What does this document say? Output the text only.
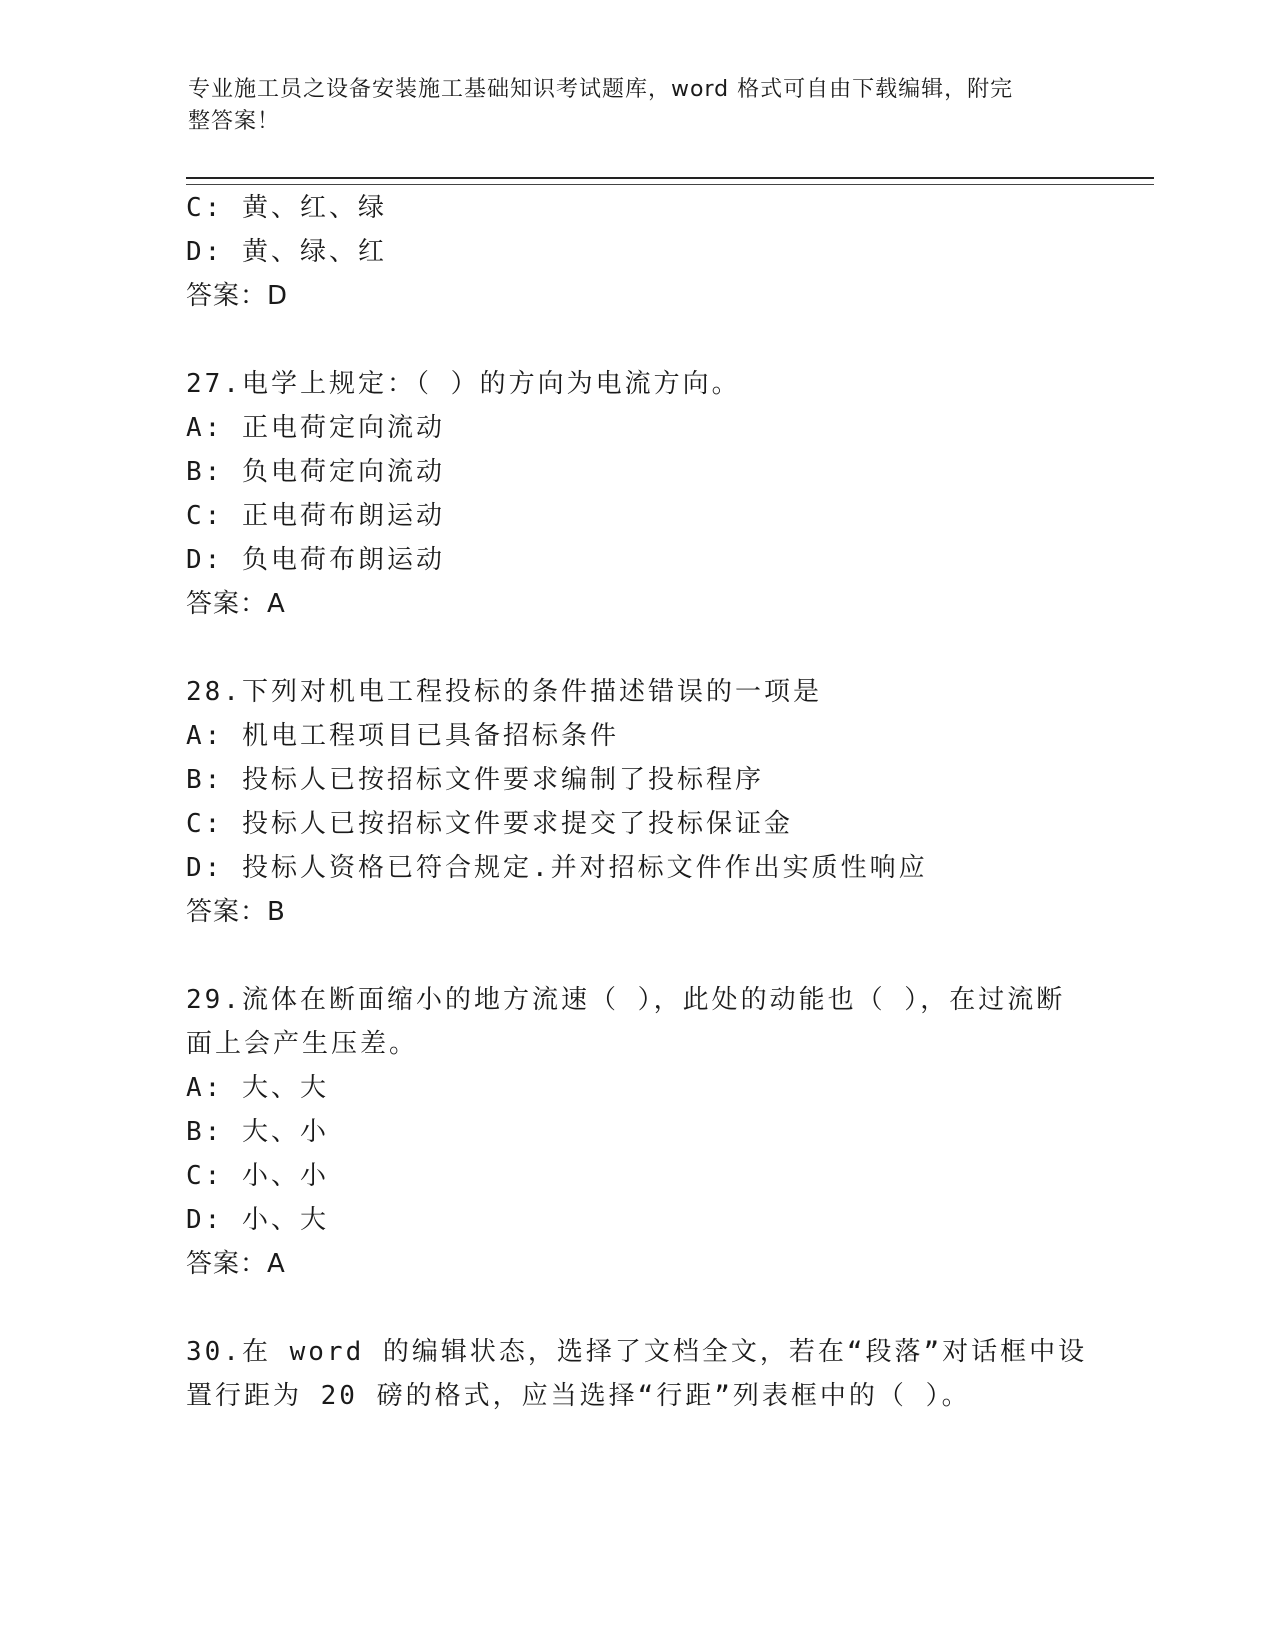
专业施工员之设备安装施工基础知识考试题库，word 格式可自由下载编辑，附完
整答案！
C: 黄、红、绿
D: 黄、绿、红
答案：D
27.电学上规定：（ ）的方向为电流方向。
A: 正电荷定向流动
B: 负电荷定向流动
C: 正电荷布朗运动
D: 负电荷布朗运动
答案：A
28.下列对机电工程投标的条件描述错误的一项是
A: 机电工程项目已具备招标条件
B: 投标人已按招标文件要求编制了投标程序
C: 投标人已按招标文件要求提交了投标保证金
D: 投标人资格已符合规定.并对招标文件作出实质性响应
答案：B
29.流体在断面缩小的地方流速（ ），此处的动能也（ ），在过流断
面上会产生压差。
A: 大、大
B: 大、小
C: 小、小
D: 小、大
答案：A
30.在 word 的编辑状态，选择了文档全文，若在“段落”对话框中设
置行距为 20 磅的格式，应当选择“行距”列表框中的（ ）。
